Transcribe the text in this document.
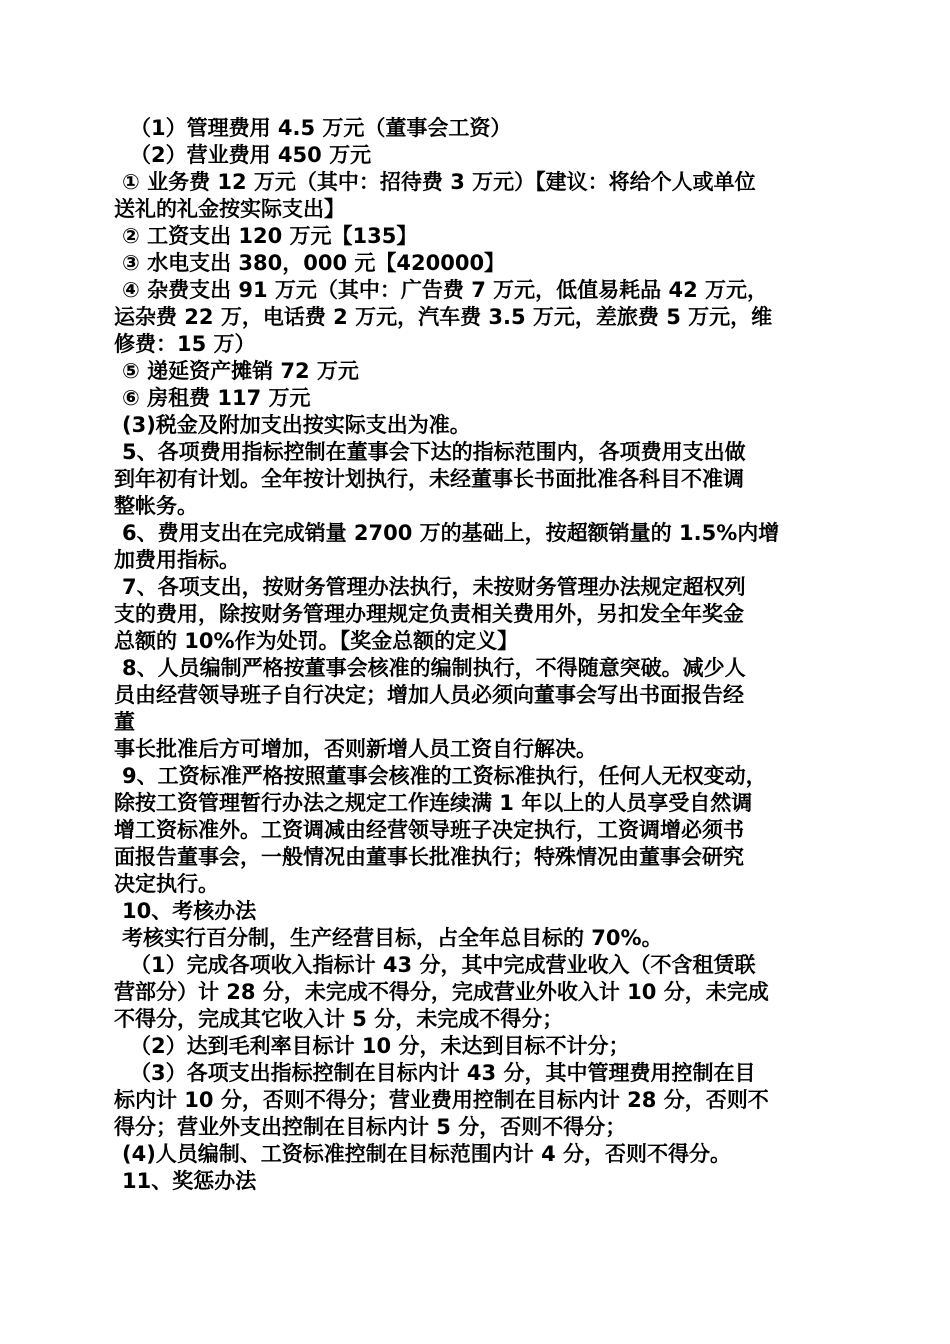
（1）管理费用 4.5 万元（董事会工资）
（2）营业费用 450 万元
① 业务费 12 万元（其中：招待费 3 万元）【建议：将给个人或单位
送礼的礼金按实际支出】
② 工资支出 120 万元【135】
③ 水电支出 380，000 元【420000】
④ 杂费支出 91 万元（其中：广告费 7 万元，低值易耗品 42 万元，
运杂费 22 万，电话费 2 万元，汽车费 3.5 万元，差旅费 5 万元，维
修费：15 万）
⑤ 递延资产摊销 72 万元
⑥ 房租费 117 万元
(3)税金及附加支出按实际支出为准。
5、各项费用指标控制在董事会下达的指标范围内，各项费用支出做
到年初有计划。全年按计划执行，未经董事长书面批准各科目不准调
整帐务。
6、费用支出在完成销量 2700 万的基础上，按超额销量的 1.5%内增
加费用指标。
7、各项支出，按财务管理办法执行，未按财务管理办法规定超权列
支的费用，除按财务管理办理规定负责相关费用外，另扣发全年奖金
总额的 10%作为处罚。【奖金总额的定义】
8、人员编制严格按董事会核准的编制执行，不得随意突破。减少人
员由经营领导班子自行决定；增加人员必须向董事会写出书面报告经
董
事长批准后方可增加，否则新增人员工资自行解决。
9、工资标准严格按照董事会核准的工资标准执行，任何人无权变动，
除按工资管理暂行办法之规定工作连续满 1 年以上的人员享受自然调
增工资标准外。工资调减由经营领导班子决定执行，工资调增必须书
面报告董事会，一般情况由董事长批准执行；特殊情况由董事会研究
决定执行。
10、考核办法
考核实行百分制，生产经营目标，占全年总目标的 70%。
（1）完成各项收入指标计 43 分，其中完成营业收入（不含租赁联
营部分）计 28 分，未完成不得分，完成营业外收入计 10 分，未完成
不得分，完成其它收入计 5 分，未完成不得分；
（2）达到毛利率目标计 10 分，未达到目标不计分；
（3）各项支出指标控制在目标内计 43 分，其中管理费用控制在目
标内计 10 分，否则不得分；营业费用控制在目标内计 28 分，否则不
得分；营业外支出控制在目标内计 5 分，否则不得分；
(4)人员编制、工资标准控制在目标范围内计 4 分，否则不得分。
11、奖惩办法
